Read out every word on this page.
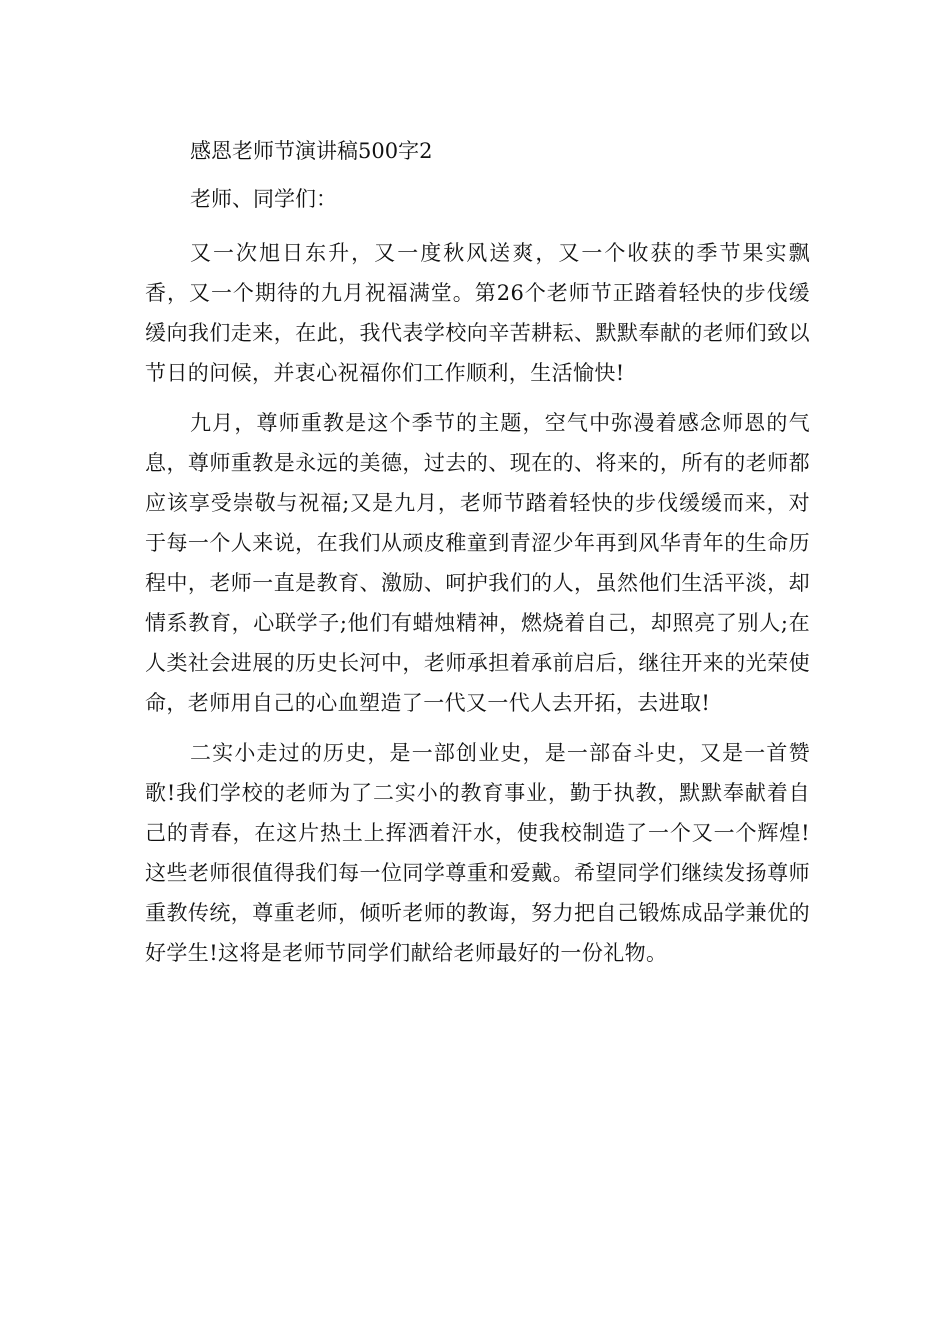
感恩老师节演讲稿500字2
老师、同学们：

又一次旭日东升，又一度秋风送爽，又一个收获的季节果实飘香，又一个期待的九月祝福满堂。第26个老师节正踏着轻快的步伐缓缓向我们走来，在此，我代表学校向辛苦耕耘、默默奉献的老师们致以节日的问候，并衷心祝福你们工作顺利，生活愉快!

九月，尊师重教是这个季节的主题，空气中弥漫着感念师恩的气息，尊师重教是永远的美德，过去的、现在的、将来的，所有的老师都应该享受崇敬与祝福;又是九月，老师节踏着轻快的步伐缓缓而来，对于每一个人来说，在我们从顽皮稚童到青涩少年再到风华青年的生命历程中，老师一直是教育、激励、呵护我们的人，虽然他们生活平淡，却情系教育，心联学子;他们有蜡烛精神，燃烧着自己，却照亮了别人;在人类社会进展的历史长河中，老师承担着承前启后，继往开来的光荣使命，老师用自己的心血塑造了一代又一代人去开拓，去进取!

二实小走过的历史，是一部创业史，是一部奋斗史，又是一首赞歌!我们学校的老师为了二实小的教育事业，勤于执教，默默奉献着自己的青春，在这片热土上挥洒着汗水，使我校制造了一个又一个辉煌!这些老师很值得我们每一位同学尊重和爱戴。希望同学们继续发扬尊师重教传统，尊重老师，倾听老师的教诲，努力把自己锻炼成品学兼优的好学生!这将是老师节同学们献给老师最好的一份礼物。
